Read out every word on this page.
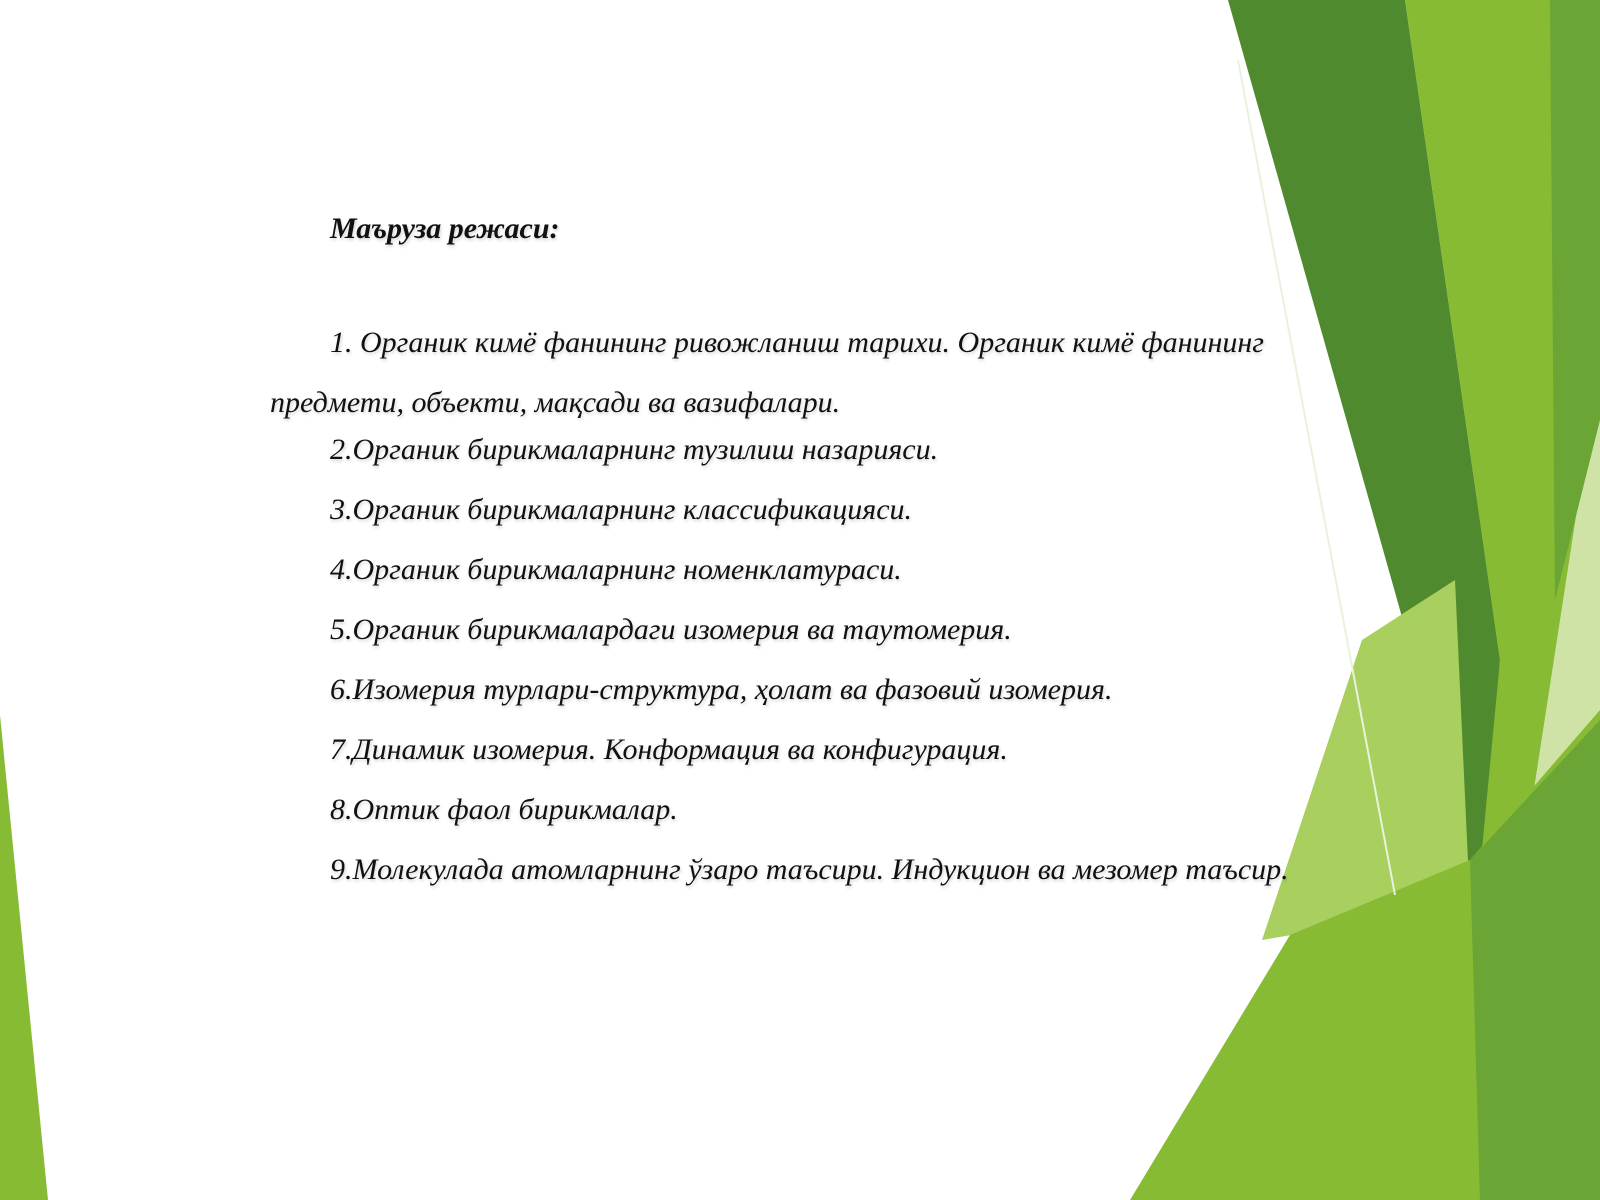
Маъруза режаси:
1. Органик кимё фанининг ривожланиш тарихи. Органик кимё фанининг предмети, объекти, мақсади ва вазифалари.
2.Органик бирикмаларнинг тузилиш назарияси.
3.Органик бирикмаларнинг классификацияси.
4.Органик бирикмаларнинг номенклатураси.
5.Органик бирикмалардаги изомерия ва таутомерия.
6.Изомерия турлари-структура, ҳолат ва фазовий изомерия.
7.Динамик изомерия. Конформация ва конфигурация.
8.Оптик фаол бирикмалар.
9.Молекулада атомларнинг ўзаро таъсири. Индукцион ва мезомер таъсир.
